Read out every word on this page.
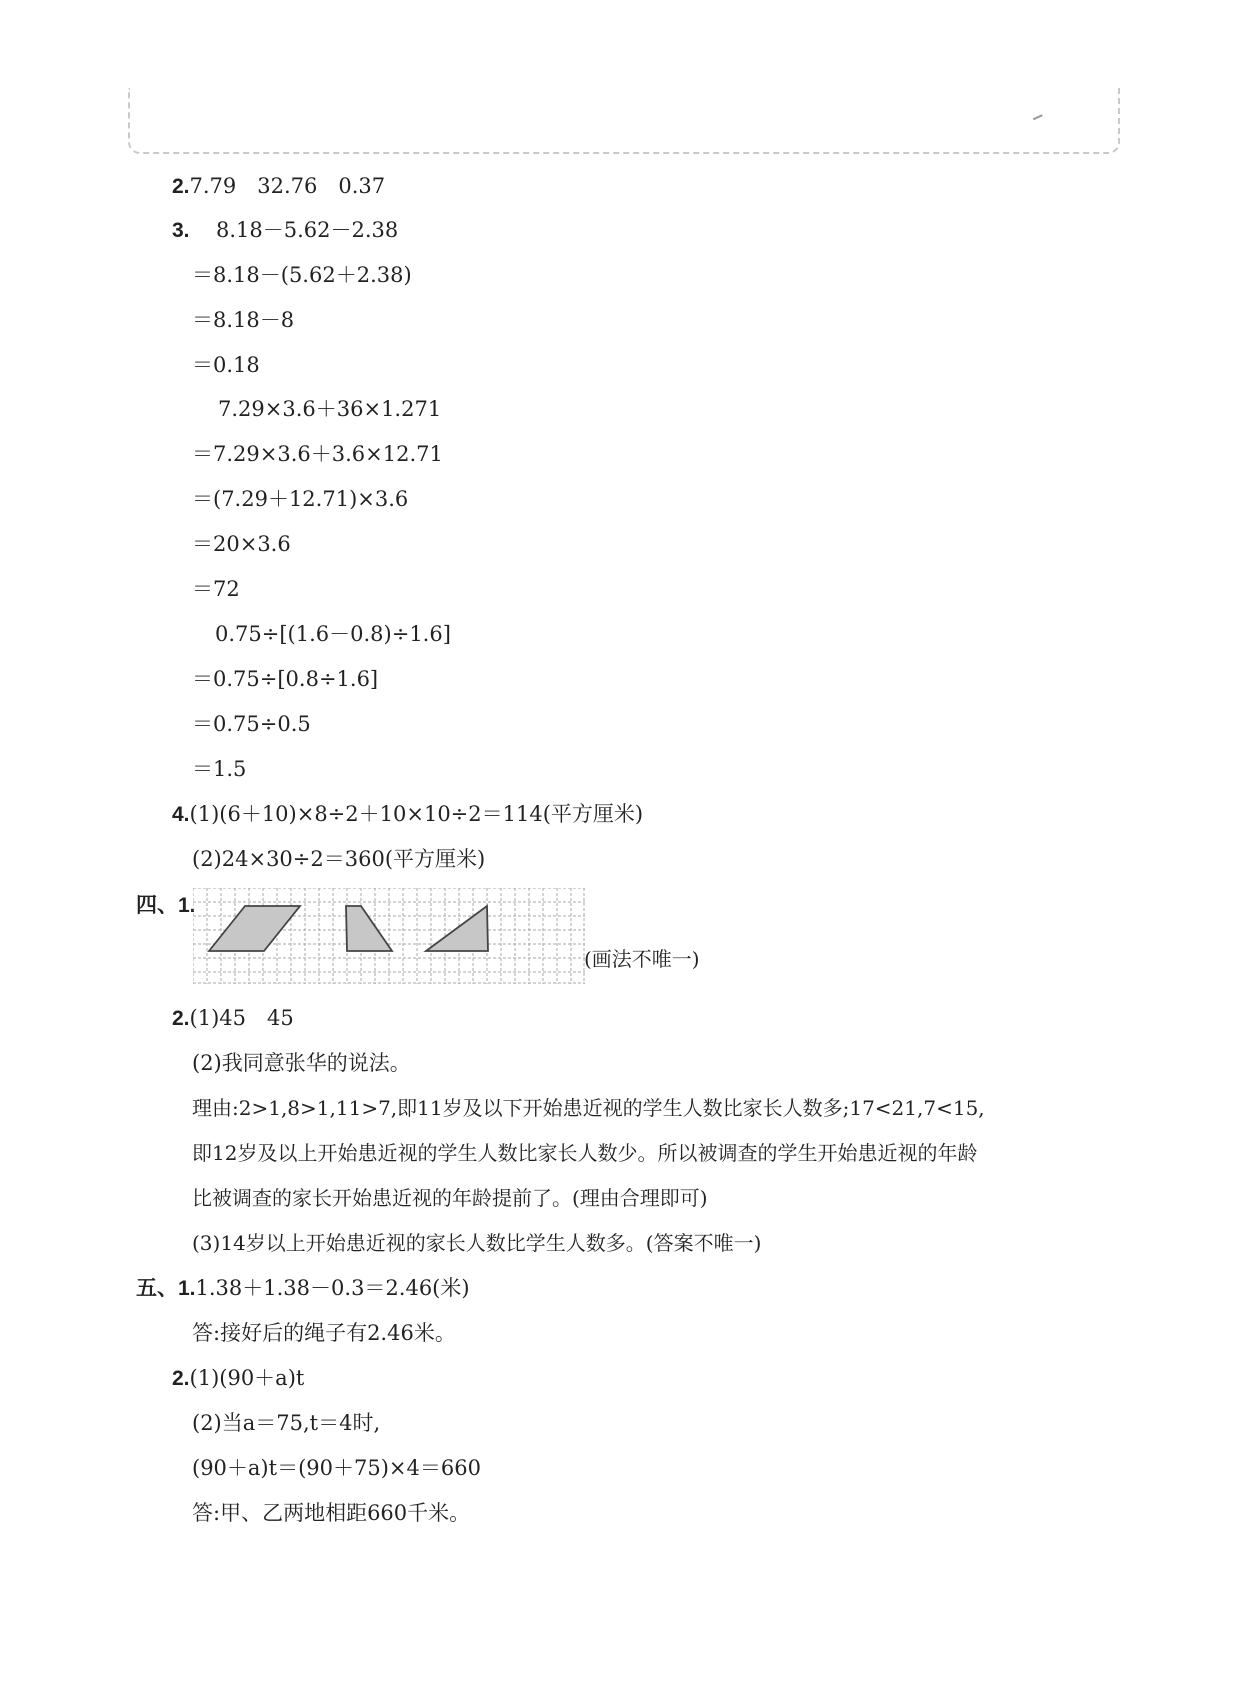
2.7.79　32.76　0.37
3. 8.18－5.62－2.38
＝8.18－(5.62＋2.38)
＝8.18－8
＝0.18
7.29×3.6＋36×1.271
＝7.29×3.6＋3.6×12.71
＝(7.29＋12.71)×3.6
＝20×3.6
＝72
0.75÷[(1.6－0.8)÷1.6]
＝0.75÷[0.8÷1.6]
＝0.75÷0.5
＝1.5
4.(1)(6＋10)×8÷2＋10×10÷2＝114(平方厘米)
(2)24×30÷2＝360(平方厘米)
四、1.
(画法不唯一)
2.(1)45　45
(2)我同意张华的说法。
理由:2>1,8>1,11>7,即11岁及以下开始患近视的学生人数比家长人数多;17<21,7<15,
即12岁及以上开始患近视的学生人数比家长人数少。所以被调查的学生开始患近视的年龄
比被调查的家长开始患近视的年龄提前了。(理由合理即可)
(3)14岁以上开始患近视的家长人数比学生人数多。(答案不唯一)
五、1.1.38＋1.38－0.3＝2.46(米)
答:接好后的绳子有2.46米。
2.(1)(90＋a)t
(2)当a＝75,t＝4时,
(90＋a)t＝(90＋75)×4＝660
答:甲、乙两地相距660千米。
